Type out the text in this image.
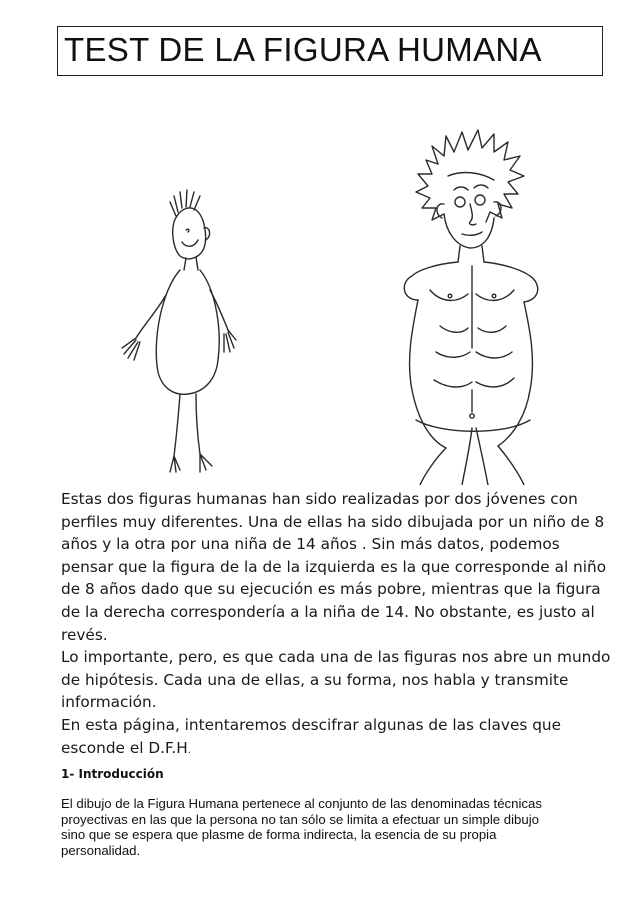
TEST DE LA FIGURA HUMANA
Estas dos figuras humanas han sido realizadas por dos jóvenes con
perfiles muy diferentes. Una de ellas ha sido dibujada por un niño de 8
años y la otra por una niña de 14 años . Sin más datos, podemos
pensar que la figura de la de la izquierda es la que corresponde al niño
de 8 años dado que su ejecución es más pobre, mientras que la figura
de la derecha correspondería a la niña de 14. No obstante, es justo al
revés.
Lo importante, pero, es que cada una de las figuras nos abre un mundo
de hipótesis. Cada una de ellas, a su forma, nos habla y transmite
información.
En esta página, intentaremos descifrar algunas de las claves que
esconde el D.F.H.
1- Introducción
El dibujo de la Figura Humana pertenece al conjunto de las denominadas técnicas
proyectivas en las que la persona no tan sólo se limita a efectuar un simple dibujo
sino que se espera que plasme de forma indirecta, la esencia de su propia
personalidad.
